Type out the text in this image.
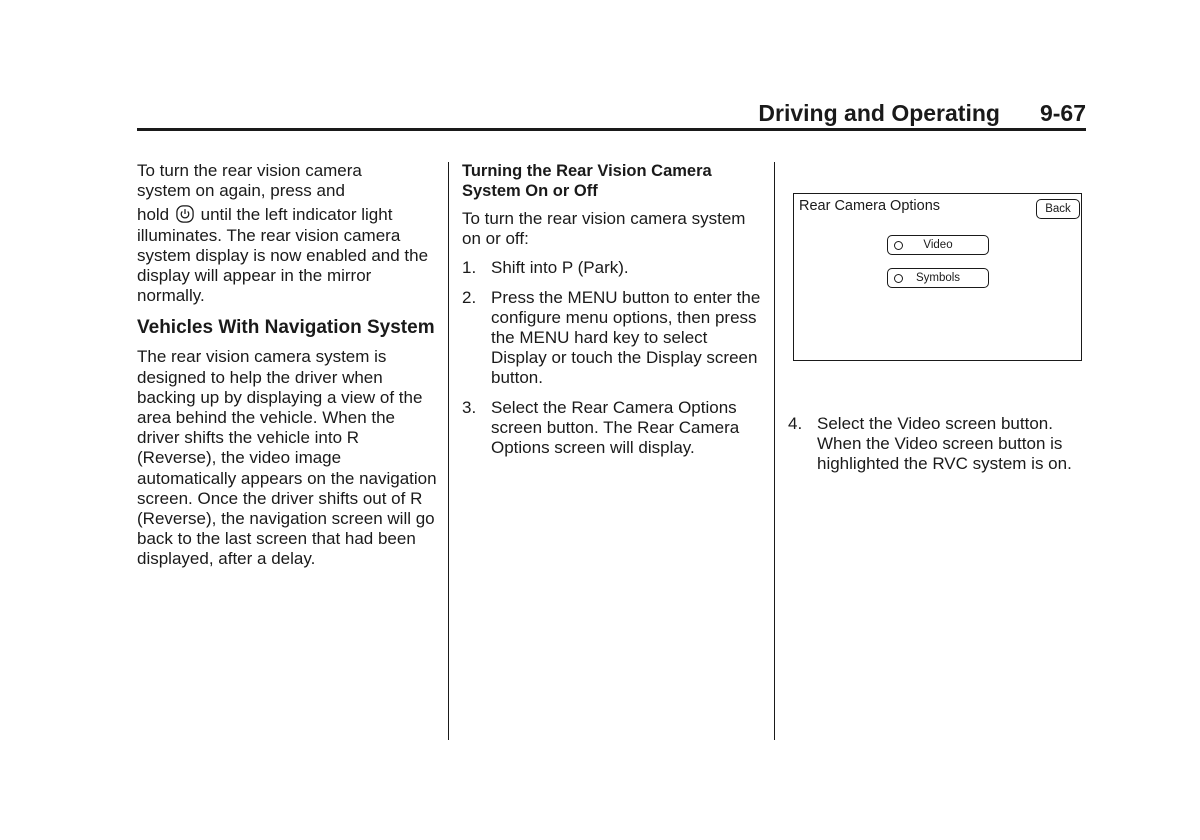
Driving and Operating 9-67

To turn the rear vision camera system on again, press and

hold until the left indicator light illuminates. The rear vision camera system display is now enabled and the display will appear in the mirror normally.

Vehicles With Navigation System

The rear vision camera system is designed to help the driver when backing up by displaying a view of the area behind the vehicle. When the driver shifts the vehicle into R (Reverse), the video image automatically appears on the navigation screen. Once the driver shifts out of R (Reverse), the navigation screen will go back to the last screen that had been displayed, after a delay.

Turning the Rear Vision Camera System On or Off

To turn the rear vision camera system on or off:

1. Shift into P (Park).
2. Press the MENU button to enter the configure menu options, then press the MENU hard key to select Display or touch the Display screen button.
3. Select the Rear Camera Options screen button. The Rear Camera Options screen will display.
Rear Camera Options	Back
Video
Symbols
4. Select the Video screen button. When the Video screen button is highlighted the RVC system is on.
